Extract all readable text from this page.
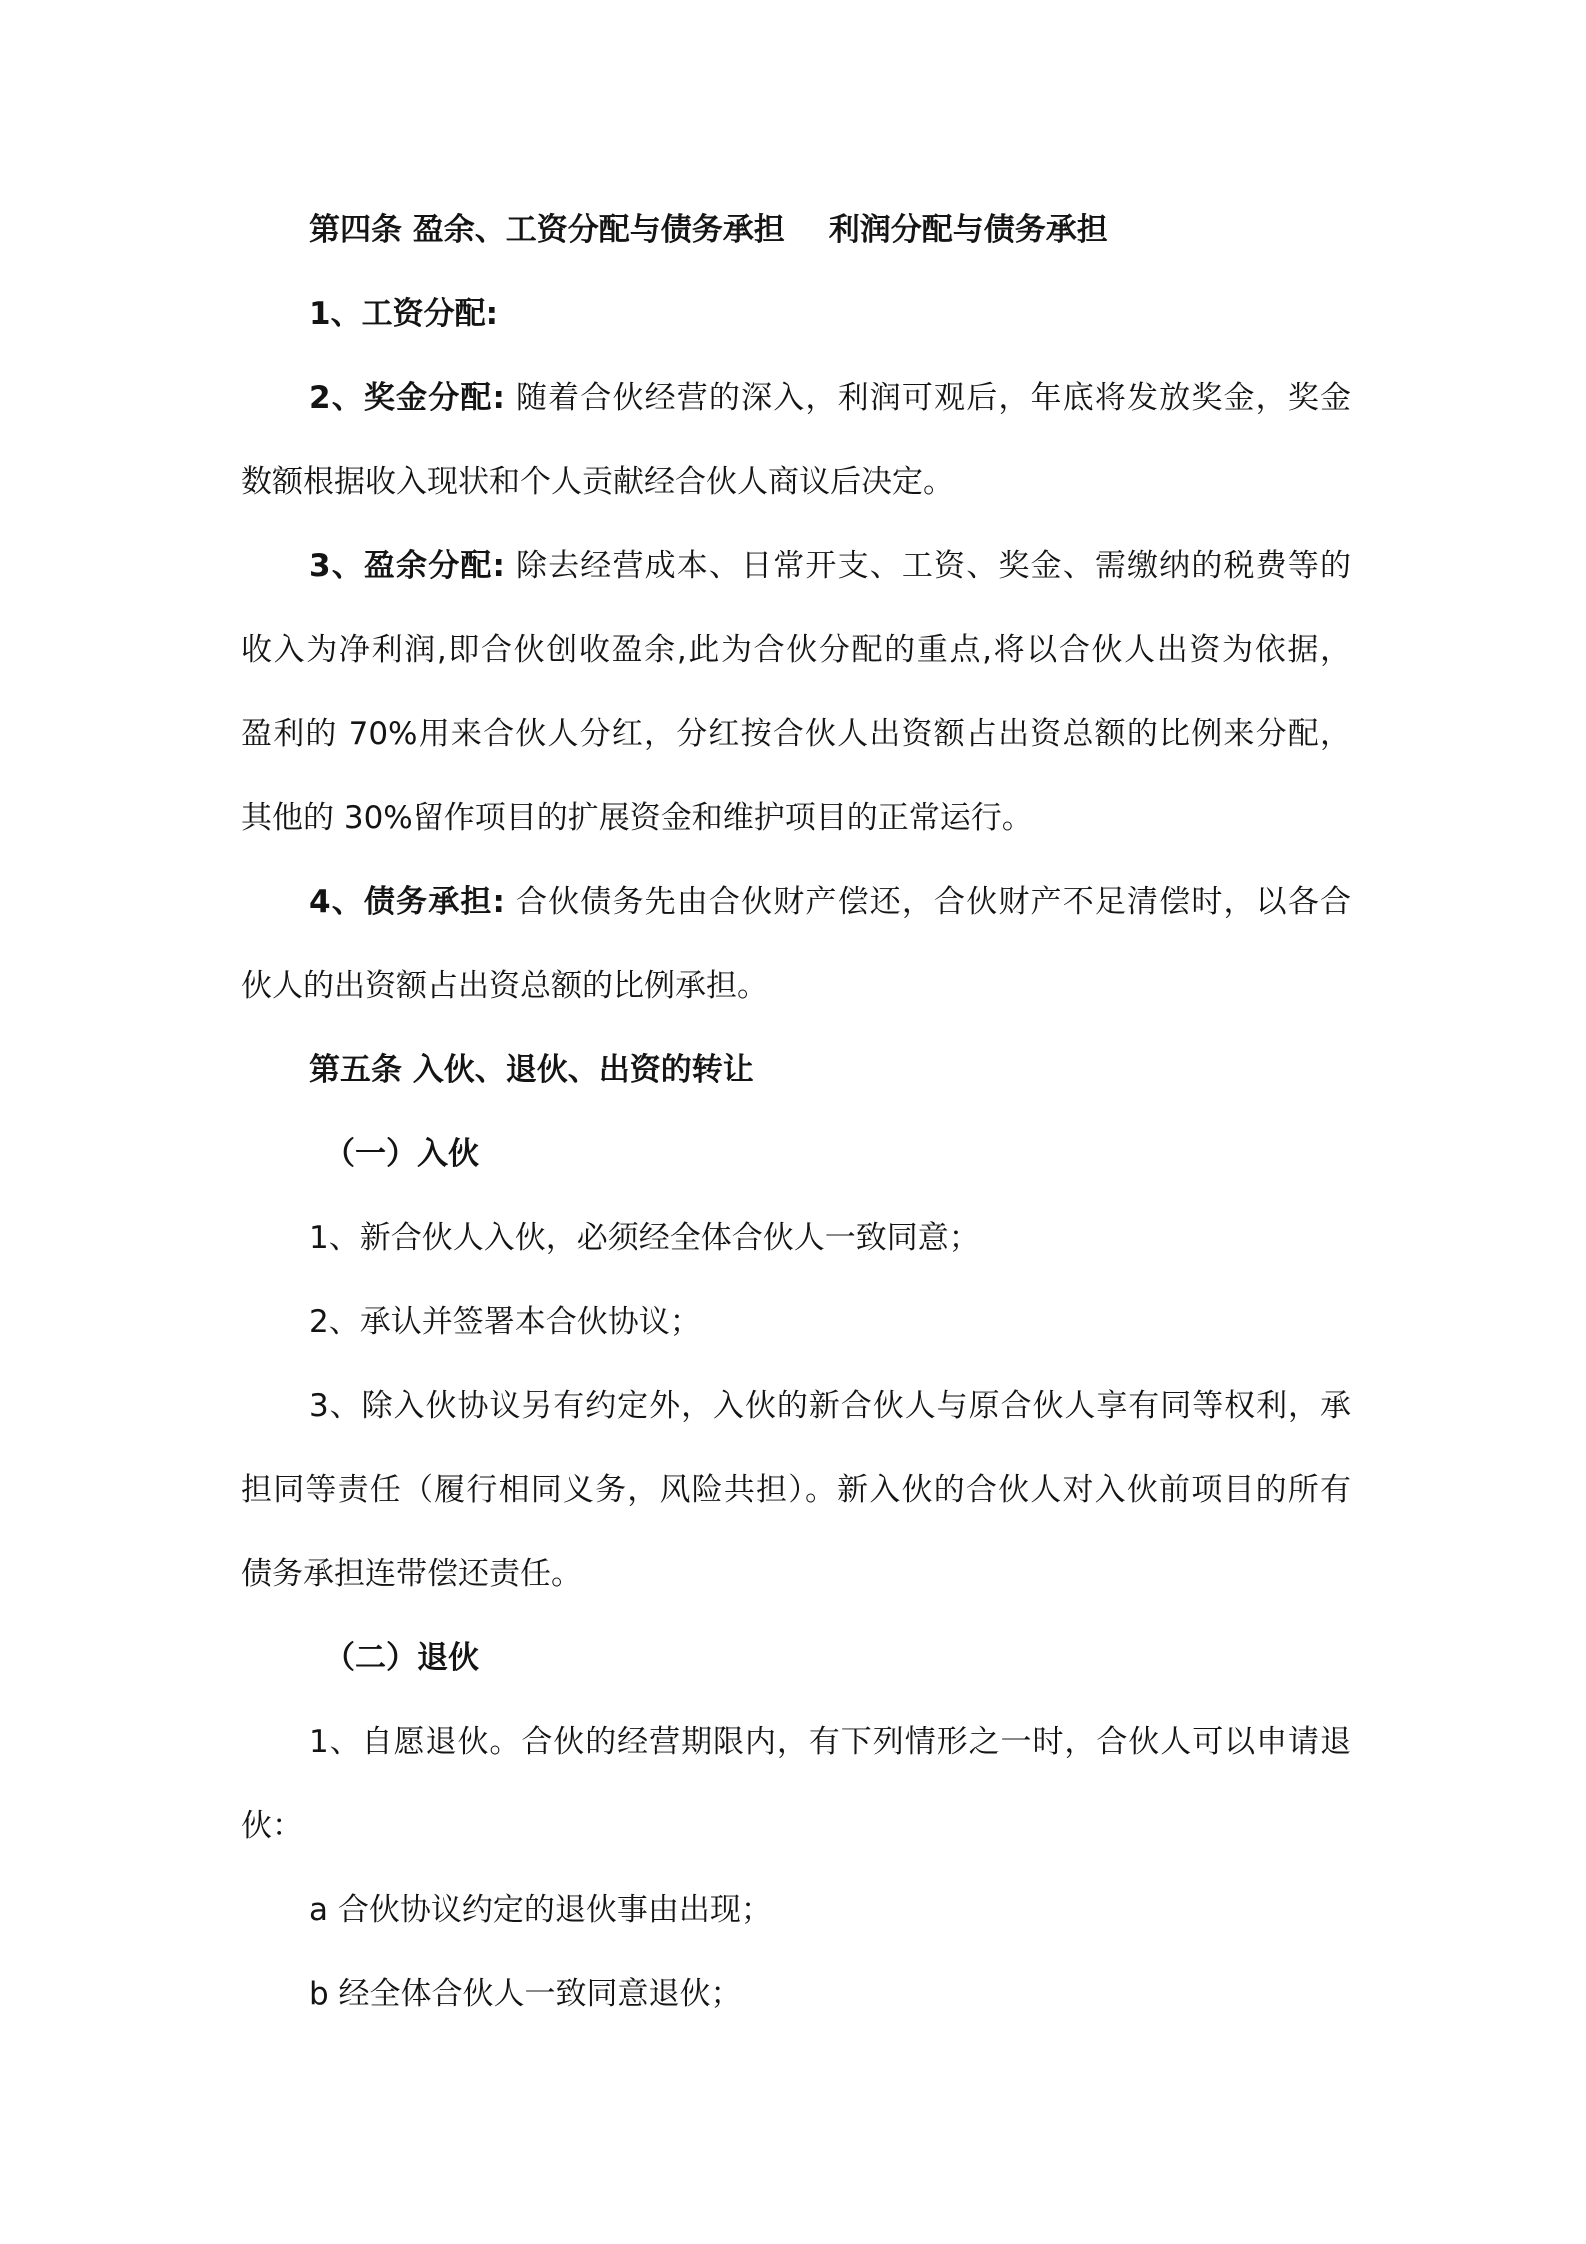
第四条 盈余、工资分配与债务承担 利润分配与债务承担

1、工资分配:

2、奖金分配: 随着合伙经营的深入，利润可观后，年底将发放奖金，奖金

数额根据收入现状和个人贡献经合伙人商议后决定。

3、盈余分配: 除去经营成本、日常开支、工资、奖金、需缴纳的税费等的

收入为净利润,即合伙创收盈余,此为合伙分配的重点,将以合伙人出资为依据，

盈利的 70%用来合伙人分红，分红按合伙人出资额占出资总额的比例来分配，

其他的 30%留作项目的扩展资金和维护项目的正常运行。

4、债务承担: 合伙债务先由合伙财产偿还，合伙财产不足清偿时，以各合

伙人的出资额占出资总额的比例承担。

第五条 入伙、退伙、出资的转让

（一）入伙

1、新合伙人入伙，必须经全体合伙人一致同意；

2、承认并签署本合伙协议；

3、除入伙协议另有约定外，入伙的新合伙人与原合伙人享有同等权利，承

担同等责任（履行相同义务，风险共担）。新入伙的合伙人对入伙前项目的所有

债务承担连带偿还责任。

（二）退伙

1、自愿退伙。合伙的经营期限内，有下列情形之一时，合伙人可以申请退

伙：

a 合伙协议约定的退伙事由出现；

b 经全体合伙人一致同意退伙；
